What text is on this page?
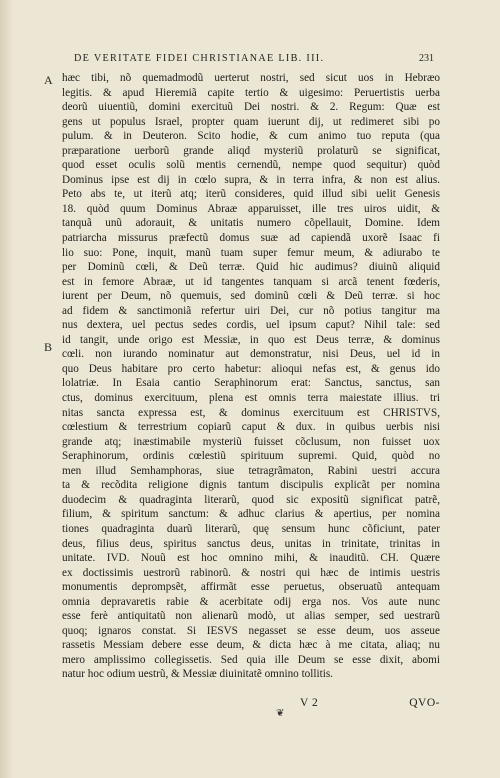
DE VERITATE FIDEI CHRISTIANAE LIB. III.	231
A
B
hæc tibi, nõ quemadmodũ uerterut nostri, sed sicut uos in Hebræo
legitis. & apud Hieremiã capite tertio & uigesimo: Peruertistis uerba
deorũ uiuentiũ, domini exercituũ Dei nostri. & 2. Regum: Quæ est
gens ut populus Israel, propter quam iuerunt dij, ut redimeret sibi po
pulum. & in Deuteron. Scito hodie, & cum animo tuo reputa (qua
præparatione uerborũ grande aliqd mysteriũ prolaturũ se significat,
quod esset oculis solũ mentis cernendũ, nempe quod sequitur) quòd
Dominus ipse est dij in cœlo supra, & in terra infra, & non est alius.
Peto abs te, ut iterũ atq; iterũ consideres, quid illud sibi uelit Genesis
18. quòd quum Dominus Abraæ apparuisset, ille tres uiros uidit, &
tanquã unũ adorauit, & unitatis numero cõpellauit, Domine. Idem
patriarcha missurus præfectũ domus suæ ad capiendã uxorẽ Isaac fi
lio suo: Pone, inquit, manũ tuam super femur meum, & adiurabo te
per Dominũ cœli, & Deũ terræ. Quid hic audimus? diuinũ aliquid
est in femore Abraæ, ut id tangentes tanquam si arcã tenent fœderis,
iurent per Deum, nõ quemuis, sed dominũ cœli & Deũ terræ. si hoc
ad fidem & sanctimoniã refertur uiri Dei, cur nõ potius tangitur ma
nus dextera, uel pectus sedes cordis, uel ipsum caput? Nihil tale: sed
id tangit, unde origo est Messiæ, in quo est Deus terræ, & dominus
cœli. non iurando nominatur aut demonstratur, nisi Deus, uel id in
quo Deus habitare pro certo habetur: alioqui nefas est, & genus ido
lolatriæ. In Esaia cantio Seraphinorum erat: Sanctus, sanctus, san
ctus, dominus exercituum, plena est omnis terra maiestate illius. tri
nitas sancta expressa est, & dominus exercituum est CHRISTVS,
cœlestium & terrestrium copiarũ caput & dux. in quibus uerbis nisi
grande atq; inæstimabile mysteriũ fuisset cõclusum, non fuisset uox
Seraphinorum, ordinis cœlestiũ spirituum supremi. Quid, quòd no
men illud Semhamphoras, siue tetragrãmaton, Rabini uestri accura
ta & recõdita religione dignis tantum discipulis explicãt per nomina
duodecim & quadraginta literarũ, quod sic expositũ significat patrẽ,
filium, & spiritum sanctum: & adhuc clarius & apertius, per nomina
tiones quadraginta duarũ literarũ, quę sensum hunc cõficiunt, pater
deus, filius deus, spiritus sanctus deus, unitas in trinitate, trinitas in
unitate. IVD. Nouũ est hoc omnino mihi, & inauditũ. CH. Quære
ex doctissimis uestrorũ rabinorũ. & nostri qui hæc de intimis uestris
monumentis deprompsẽt, affirmãt esse peruetus, obseruatũ antequam
omnia depravaretis rabie & acerbitate odij erga nos. Vos aute nunc
esse ferè antiquitatũ non alienarũ modò, ut alias semper, sed uestrarũ
quoq; ignaros constat. Si IESVS negasset se esse deum, uos asseue
rassetis Messiam debere esse deum, & dicta hæc à me citata, aliaq; nu
mero amplissimo collegissetis. Sed quia ille Deum se esse dixit, abomi
natur hoc odium uestrũ, & Messiæ diuinitatẽ omnino tollitis.
V 2	QVO-
❦
